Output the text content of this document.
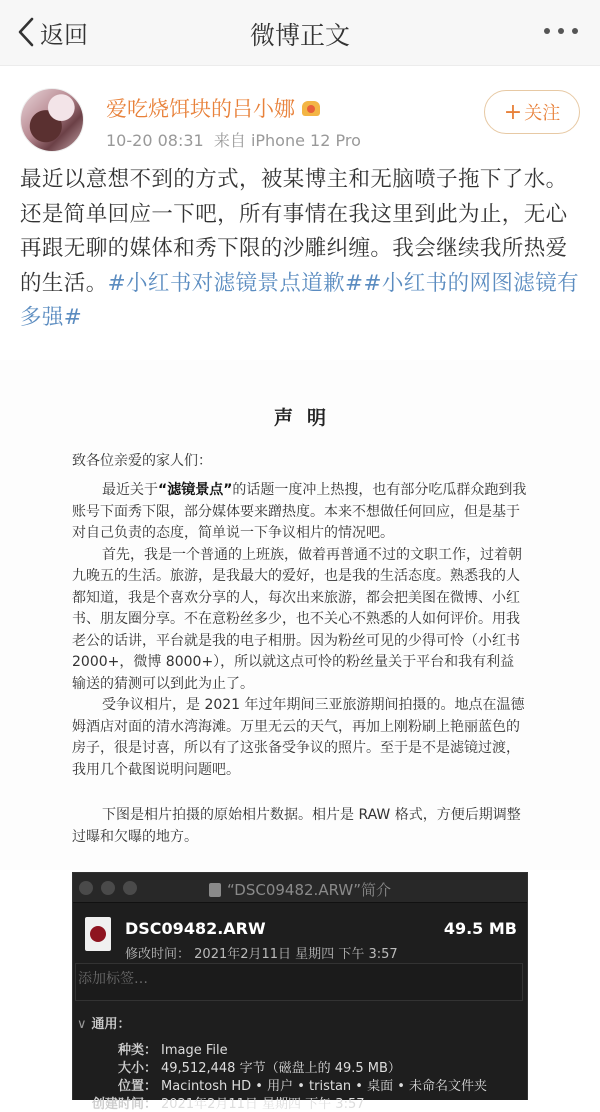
返回	微博正文
爱吃烧饵块的吕小娜
10-20 08:31 来自 iPhone 12 Pro
+ 关注
最近以意想不到的方式，被某博主和无脑喷子拖下了水。还是简单回应一下吧，所有事情在我这里到此为止，无心再跟无聊的媒体和秀下限的沙雕纠缠。我会继续我所热爱的生活。#小红书对滤镜景点道歉##小红书的网图滤镜有多强#
声明
致各位亲爱的家人们：

最近关于“滤镜景点”的话题一度冲上热搜，也有部分吃瓜群众跑到我账号下面秀下限，部分媒体要来蹭热度。本来不想做任何回应，但是基于对自己负责的态度，简单说一下争议相片的情况吧。

首先，我是一个普通的上班族，做着再普通不过的文职工作，过着朝九晚五的生活。旅游，是我最大的爱好，也是我的生活态度。熟悉我的人都知道，我是个喜欢分享的人，每次出来旅游，都会把美图在微博、小红书、朋友圈分享。不在意粉丝多少，也不关心不熟悉的人如何评价。用我老公的话讲，平台就是我的电子相册。因为粉丝可见的少得可怜（小红书 2000+，微博 8000+），所以就这点可怜的粉丝量关于平台和我有利益输送的猜测可以到此为止了。

受争议相片，是 2021 年过年期间三亚旅游期间拍摄的。地点在温德姆酒店对面的清水湾海滩。万里无云的天气，再加上刚粉刷上艳丽蓝色的房子，很是讨喜，所以有了这张备受争议的照片。至于是不是滤镜过渡，我用几个截图说明问题吧。

下图是相片拍摄的原始相片数据。相片是 RAW 格式，方便后期调整过曝和欠曝的地方。

“DSC09482.ARW”简介
DSC09482.ARW	49.5 MB
修改时间： 2021年2月11日 星期四 下午 3:57
添加标签…
∨ 通用：
种类： Image File
大小： 49,512,448 字节（磁盘上的 49.5 MB）
位置： Macintosh HD • 用户 • tristan • 桌面 • 未命名文件夹
创建时间： 2021年2月11日 星期四 下午 3:57
